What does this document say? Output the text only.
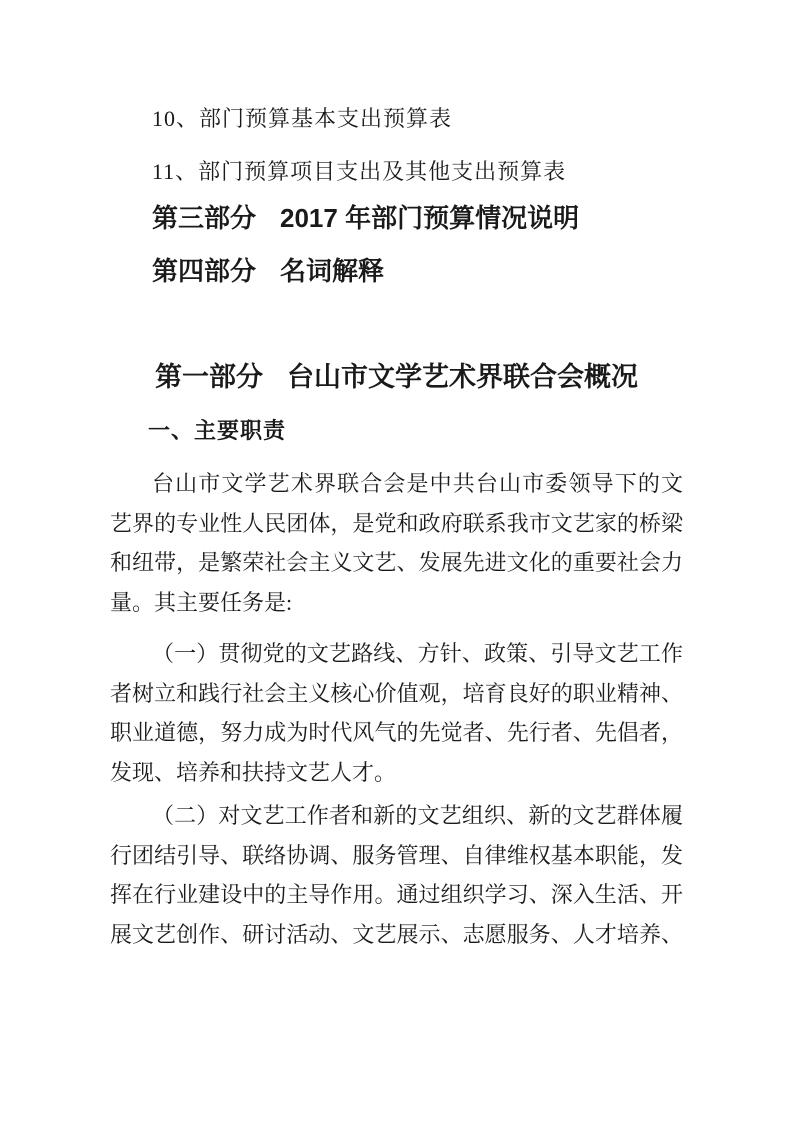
10、部门预算基本支出预算表
11、部门预算项目支出及其他支出预算表
第三部分 2017 年部门预算情况说明
第四部分 名词解释
第一部分 台山市文学艺术界联合会概况
一、主要职责
台山市文学艺术界联合会是中共台山市委领导下的文
艺界的专业性人民团体，是党和政府联系我市文艺家的桥梁
和纽带，是繁荣社会主义文艺、发展先进文化的重要社会力
量。其主要任务是:
（一）贯彻党的文艺路线、方针、政策、引导文艺工作
者树立和践行社会主义核心价值观，培育良好的职业精神、
职业道德，努力成为时代风气的先觉者、先行者、先倡者，
发现、培养和扶持文艺人才。
（二）对文艺工作者和新的文艺组织、新的文艺群体履
行团结引导、联络协调、服务管理、自律维权基本职能，发
挥在行业建设中的主导作用。通过组织学习、深入生活、开
展文艺创作、研讨活动、文艺展示、志愿服务、人才培养、
